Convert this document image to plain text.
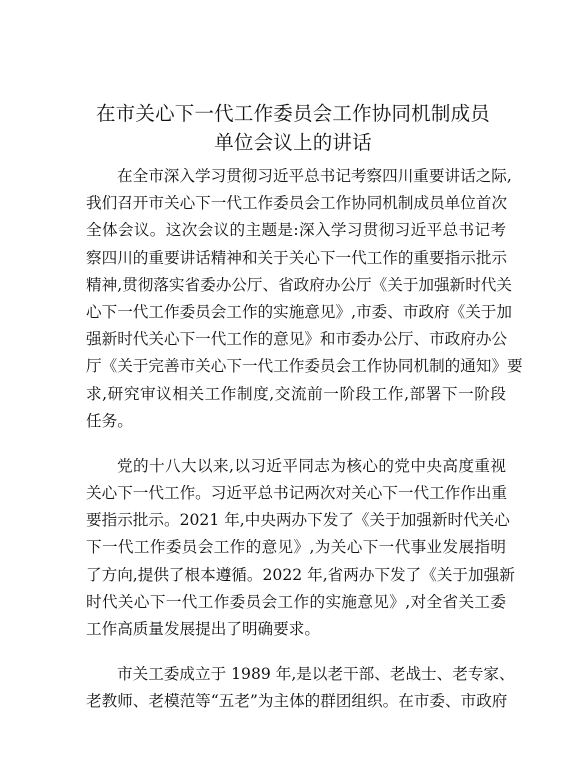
在市关心下一代工作委员会工作协同机制成员
单位会议上的讲话
在全市深入学习贯彻习近平总书记考察四川重要讲话之际,
我们召开市关心下一代工作委员会工作协同机制成员单位首次
全体会议。这次会议的主题是:深入学习贯彻习近平总书记考
察四川的重要讲话精神和关于关心下一代工作的重要指示批示
精神,贯彻落实省委办公厅、省政府办公厅《关于加强新时代关
心下一代工作委员会工作的实施意见》,市委、市政府《关于加
强新时代关心下一代工作的意见》和市委办公厅、市政府办公
厅《关于完善市关心下一代工作委员会工作协同机制的通知》要
求,研究审议相关工作制度,交流前一阶段工作,部署下一阶段
任务。
党的十八大以来,以习近平同志为核心的党中央高度重视
关心下一代工作。习近平总书记两次对关心下一代工作作出重
要指示批示。2021 年,中央两办下发了《关于加强新时代关心
下一代工作委员会工作的意见》,为关心下一代事业发展指明
了方向,提供了根本遵循。2022 年,省两办下发了《关于加强新
时代关心下一代工作委员会工作的实施意见》,对全省关工委
工作高质量发展提出了明确要求。
市关工委成立于 1989 年,是以老干部、老战士、老专家、
老教师、老模范等“五老”为主体的群团组织。在市委、市政府
